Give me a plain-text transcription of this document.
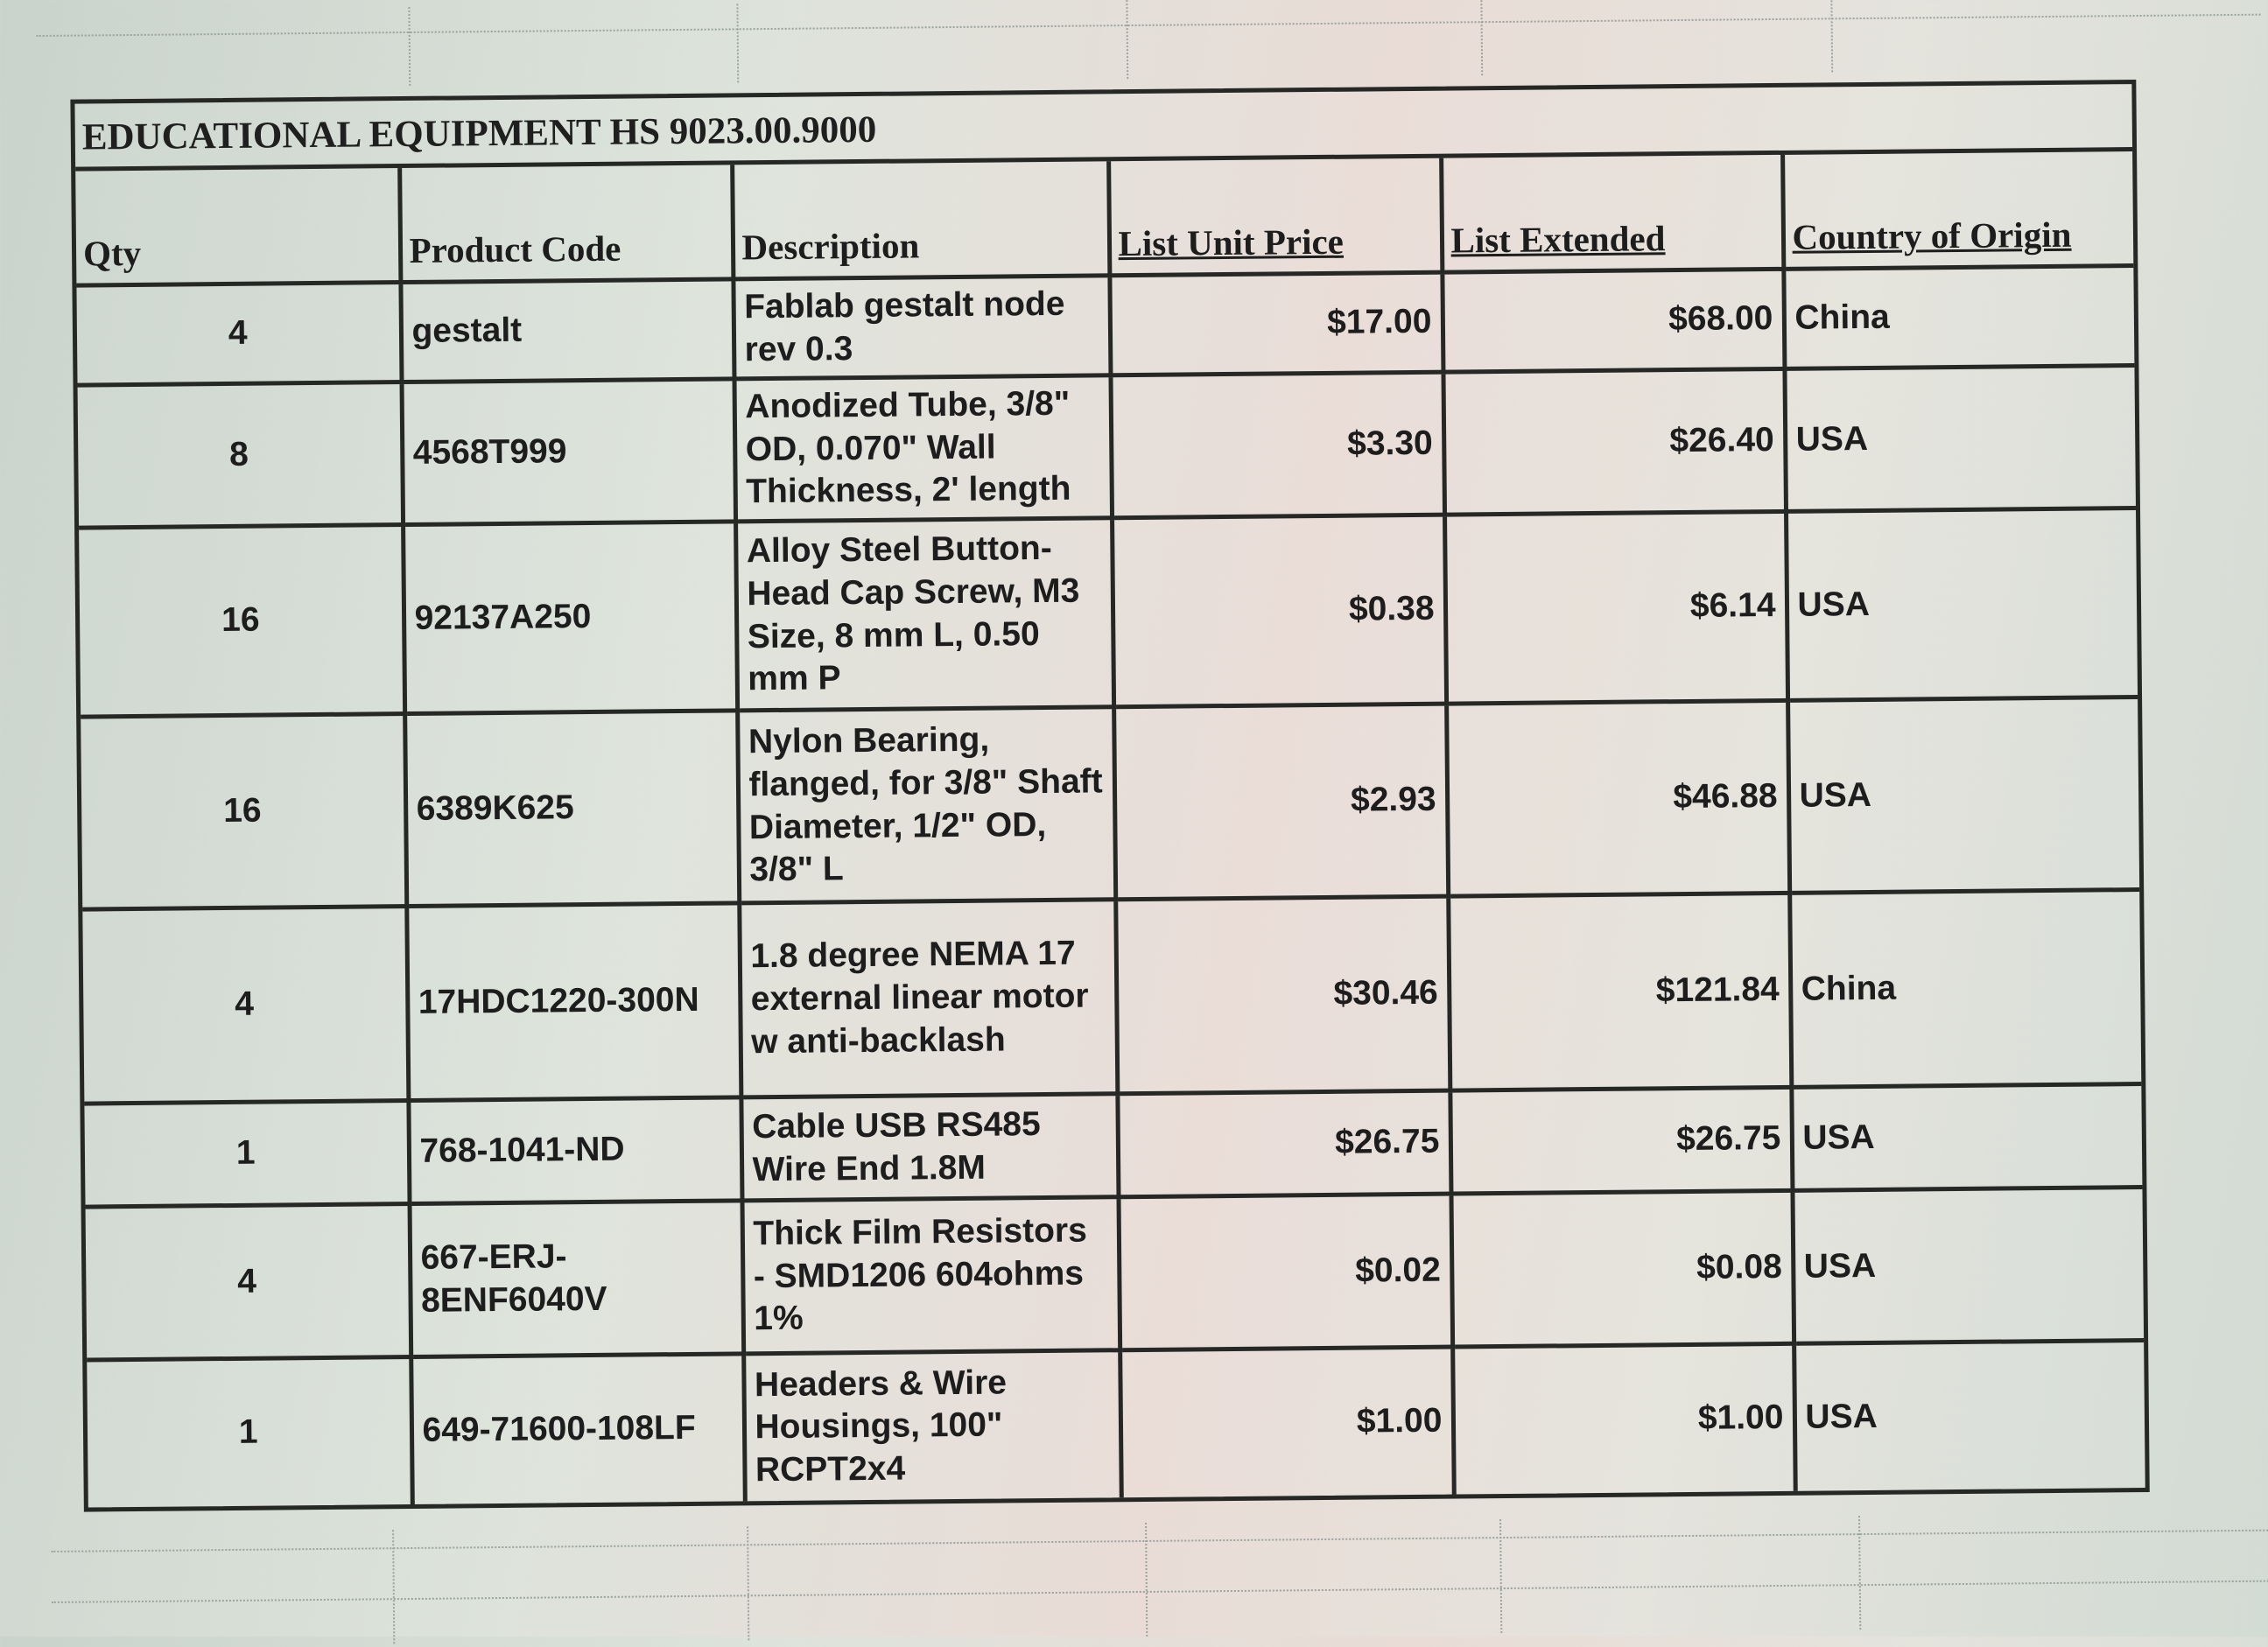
EDUCATIONAL EQUIPMENT HS 9023.00.9000
Qty	Product Code	Description	List Unit Price	List Extended	Country of Origin
4	gestalt	Fablab gestalt node rev 0.3	$17.00	$68.00	China
8	4568T999	Anodized Tube, 3/8" OD, 0.070" Wall Thickness, 2' length	$3.30	$26.40	USA
16	92137A250	Alloy Steel Button-Head Cap Screw, M3 Size, 8 mm L, 0.50 mm P	$0.38	$6.14	USA
16	6389K625	Nylon Bearing, flanged, for 3/8" Shaft Diameter, 1/2" OD, 3/8" L	$2.93	$46.88	USA
4	17HDC1220-300N	1.8 degree NEMA 17 external linear motor w anti-backlash	$30.46	$121.84	China
1	768-1041-ND	Cable USB RS485 Wire End 1.8M	$26.75	$26.75	USA
4	667-ERJ-8ENF6040V	Thick Film Resistors - SMD1206 604ohms 1%	$0.02	$0.08	USA
1	649-71600-108LF	Headers & Wire Housings, 100" RCPT2x4	$1.00	$1.00	USA
